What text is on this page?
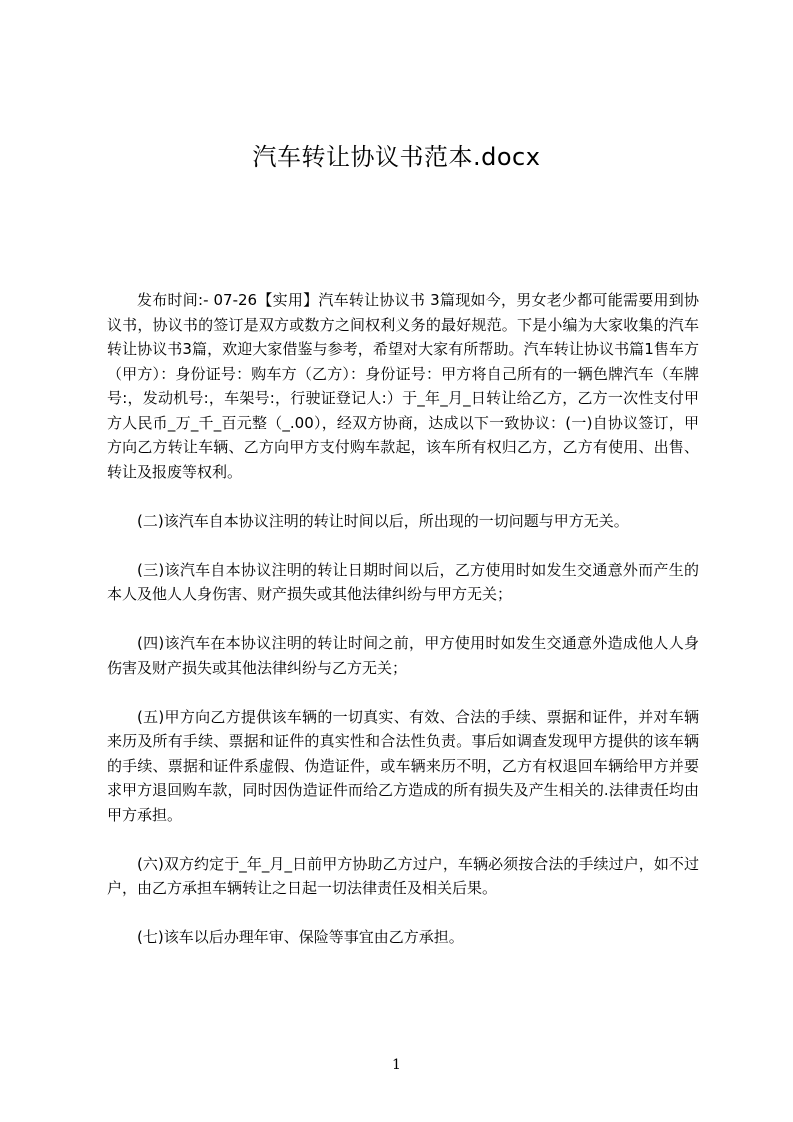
汽车转让协议书范本.docx

发布时间:- 07-26【实用】汽车转让协议书 3篇现如今，男女老少都可能需要用到协议书，协议书的签订是双方或数方之间权利义务的最好规范。下是小编为大家收集的汽车转让协议书3篇，欢迎大家借鉴与参考，希望对大家有所帮助。汽车转让协议书篇1售车方（甲方）：身份证号：购车方（乙方）：身份证号：甲方将自己所有的一辆色牌汽车（车牌号:，发动机号:，车架号:，行驶证登记人:）于_年_月_日转让给乙方，乙方一次性支付甲方人民币_万_千_百元整（_.00），经双方协商，达成以下一致协议：(一)自协议签订，甲方向乙方转让车辆、乙方向甲方支付购车款起，该车所有权归乙方，乙方有使用、出售、转让及报废等权利。

(二)该汽车自本协议注明的转让时间以后，所出现的一切问题与甲方无关。

(三)该汽车自本协议注明的转让日期时间以后，乙方使用时如发生交通意外而产生的本人及他人人身伤害、财产损失或其他法律纠纷与甲方无关；

(四)该汽车在本协议注明的转让时间之前，甲方使用时如发生交通意外造成他人人身伤害及财产损失或其他法律纠纷与乙方无关；

(五)甲方向乙方提供该车辆的一切真实、有效、合法的手续、票据和证件，并对车辆来历及所有手续、票据和证件的真实性和合法性负责。事后如调查发现甲方提供的该车辆的手续、票据和证件系虚假、伪造证件，或车辆来历不明，乙方有权退回车辆给甲方并要求甲方退回购车款，同时因伪造证件而给乙方造成的所有损失及产生相关的.法律责任均由甲方承担。

(六)双方约定于_年_月_日前甲方协助乙方过户，车辆必须按合法的手续过户，如不过户，由乙方承担车辆转让之日起一切法律责任及相关后果。

(七)该车以后办理年审、保险等事宜由乙方承担。

1
